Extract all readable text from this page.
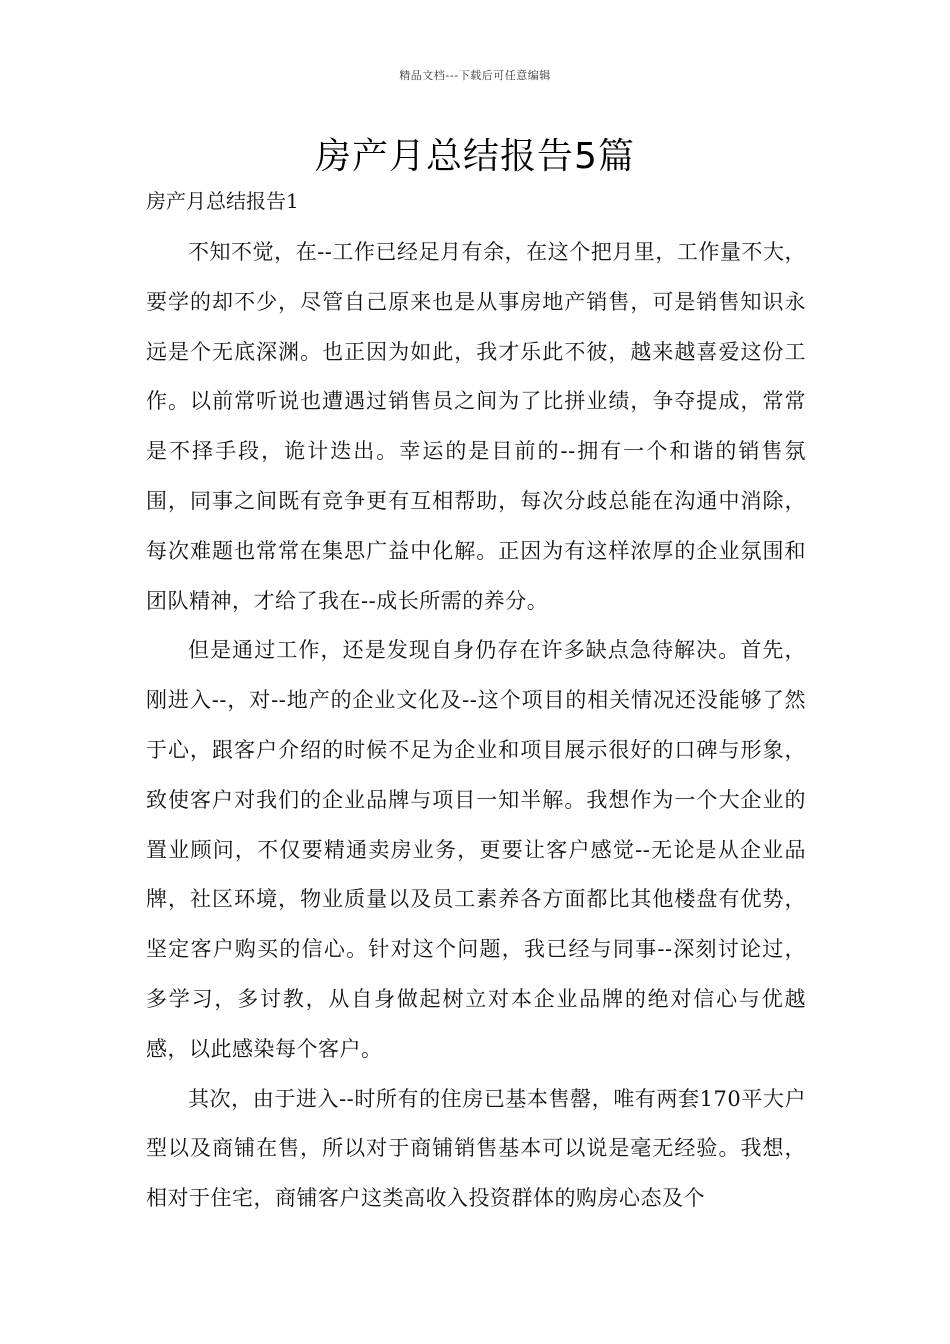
精品文档---下载后可任意编辑
房产月总结报告5篇
房产月总结报告1

不知不觉，在--工作已经足月有余，在这个把月里，工作量不大，要学的却不少，尽管自己原来也是从事房地产销售，可是销售知识永远是个无底深渊。也正因为如此，我才乐此不彼，越来越喜爱这份工作。以前常听说也遭遇过销售员之间为了比拼业绩，争夺提成，常常是不择手段，诡计迭出。幸运的是目前的--拥有一个和谐的销售氛围，同事之间既有竞争更有互相帮助，每次分歧总能在沟通中消除，每次难题也常常在集思广益中化解。正因为有这样浓厚的企业氛围和团队精神，才给了我在--成长所需的养分。

但是通过工作，还是发现自身仍存在许多缺点急待解决。首先，刚进入--，对--地产的企业文化及--这个项目的相关情况还没能够了然于心，跟客户介绍的时候不足为企业和项目展示很好的口碑与形象，致使客户对我们的企业品牌与项目一知半解。我想作为一个大企业的置业顾问，不仅要精通卖房业务，更要让客户感觉--无论是从企业品牌，社区环境，物业质量以及员工素养各方面都比其他楼盘有优势，坚定客户购买的信心。针对这个问题，我已经与同事--深刻讨论过，多学习，多讨教，从自身做起树立对本企业品牌的绝对信心与优越感，以此感染每个客户。

其次，由于进入--时所有的住房已基本售罄，唯有两套170平大户型以及商铺在售，所以对于商铺销售基本可以说是毫无经验。我想，相对于住宅，商铺客户这类高收入投资群体的购房心态及个
